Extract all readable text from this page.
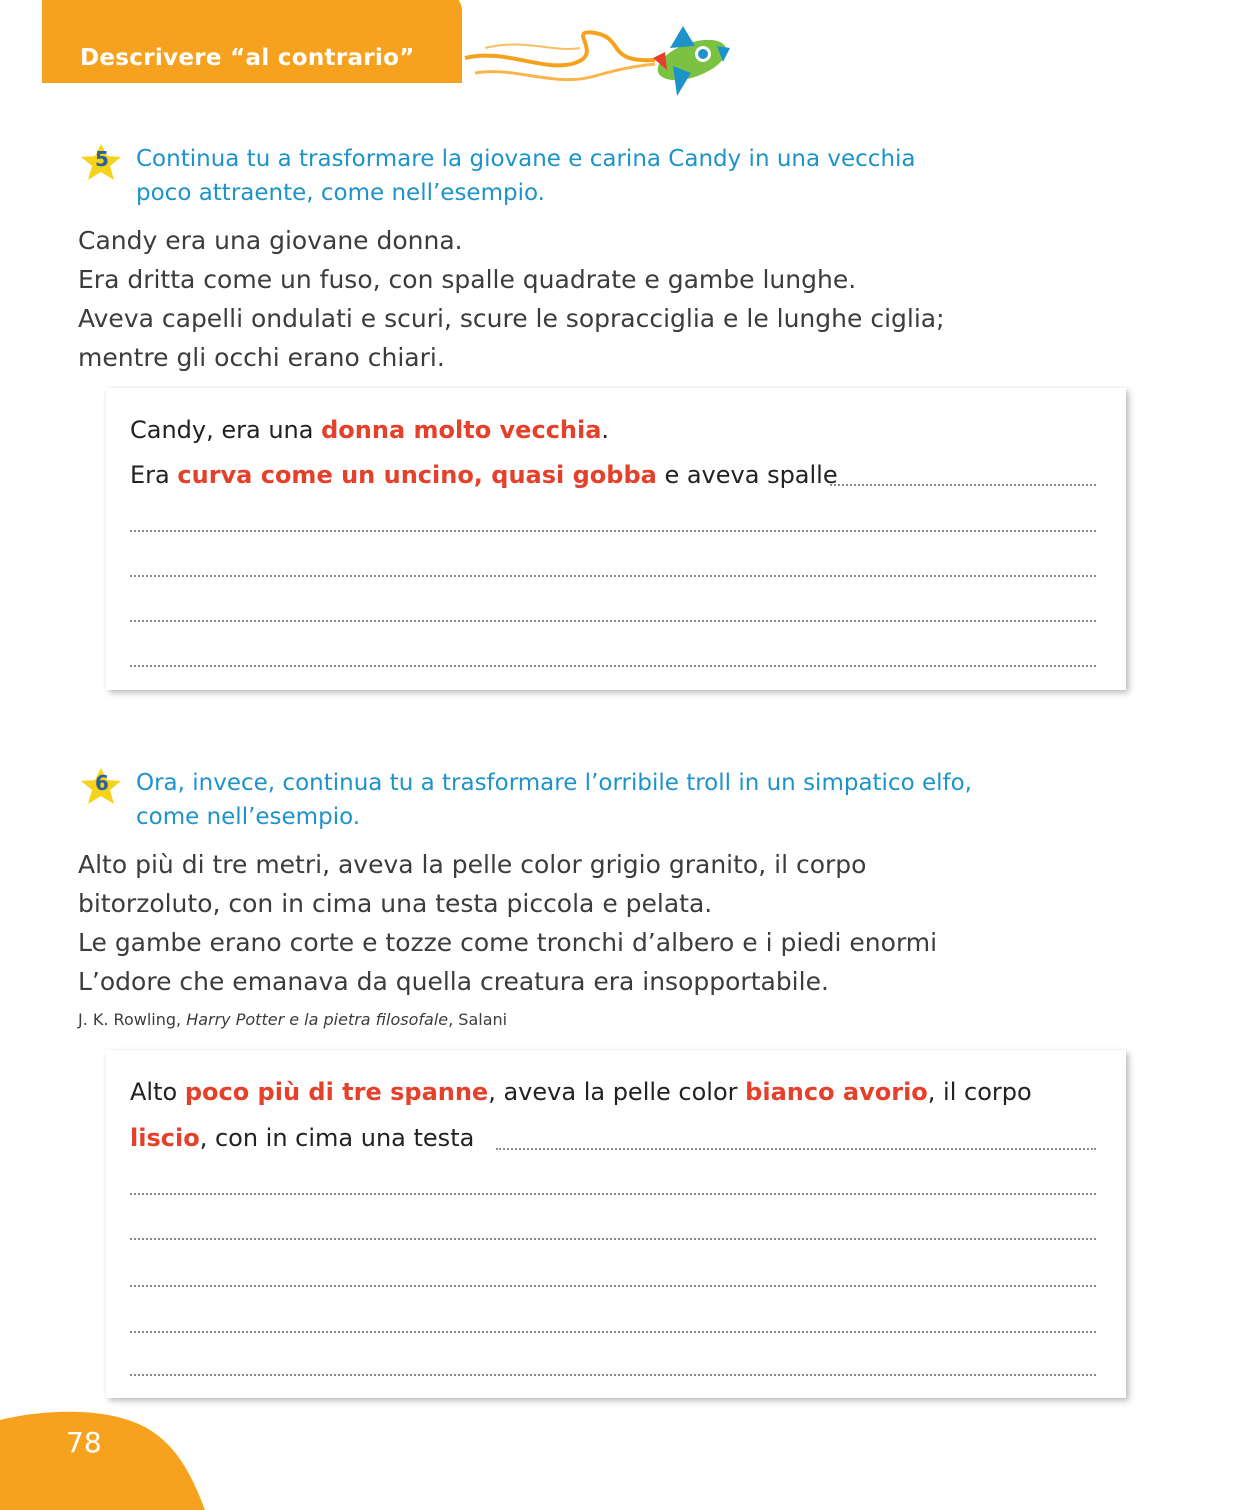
Descrivere “al contrario”
5 Continua tu a trasformare la giovane e carina Candy in una vecchia
poco attraente, come nell’esempio.

Candy era una giovane donna.

Era dritta come un fuso, con spalle quadrate e gambe lunghe.

Aveva capelli ondulati e scuri, scure le sopracciglia e le lunghe ciglia;

mentre gli occhi erano chiari.

Candy, era una donna molto vecchia.
Era curva come un uncino, quasi gobba e aveva spalle
6 Ora, invece, continua tu a trasformare l’orribile troll in un simpatico elfo,
come nell’esempio.

Alto più di tre metri, aveva la pelle color grigio granito, il corpo

bitorzoluto, con in cima una testa piccola e pelata.

Le gambe erano corte e tozze come tronchi d’albero e i piedi enormi

L’odore che emanava da quella creatura era insopportabile.

J. K. Rowling, Harry Potter e la pietra filosofale, Salani
Alto poco più di tre spanne, aveva la pelle color bianco avorio, il corpo
liscio, con in cima una testa
78
